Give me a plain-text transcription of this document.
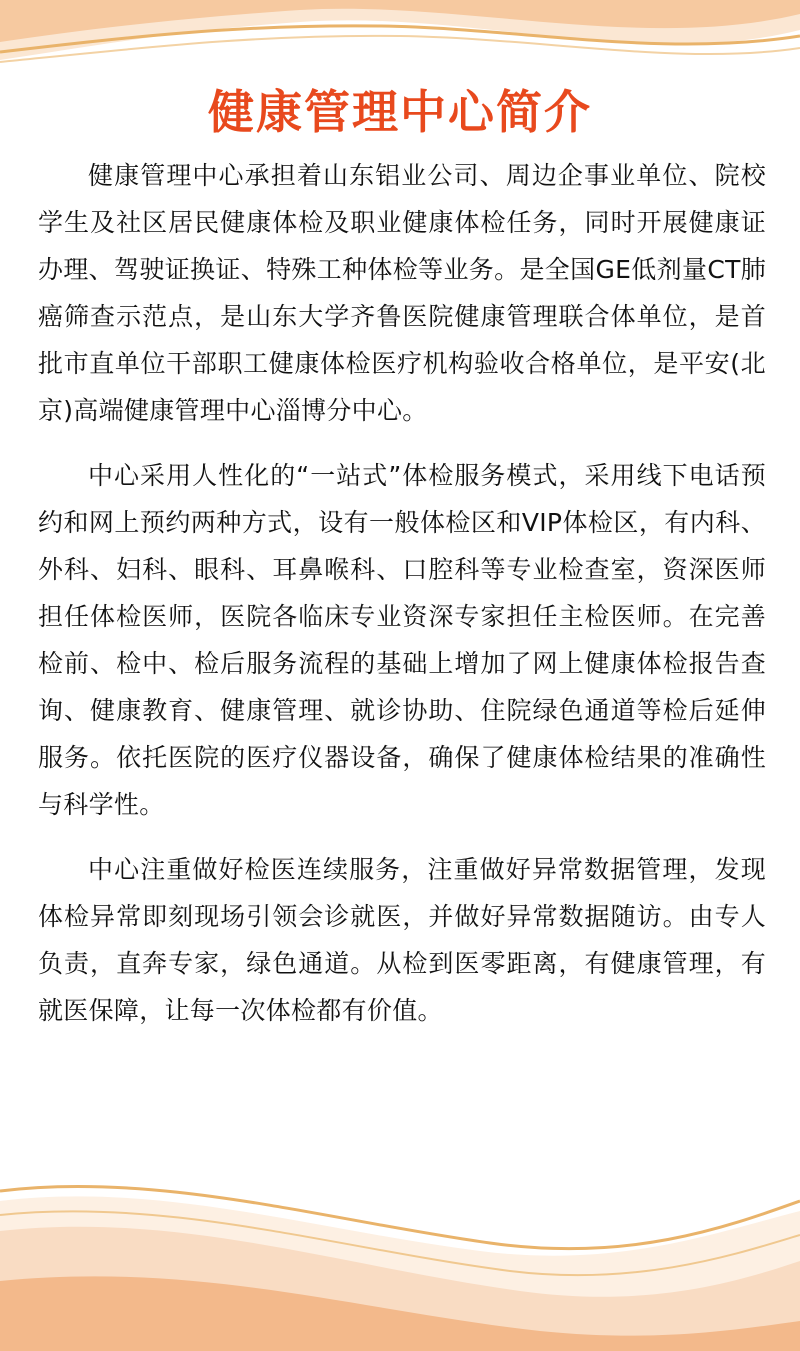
健康管理中心简介

健康管理中心承担着山东铝业公司、周边企事业单位、院校学生及社区居民健康体检及职业健康体检任务，同时开展健康证办理、驾驶证换证、特殊工种体检等业务。是全国GE低剂量CT肺癌筛查示范点，是山东大学齐鲁医院健康管理联合体单位，是首批市直单位干部职工健康体检医疗机构验收合格单位，是平安(北京)高端健康管理中心淄博分中心。

中心采用人性化的“一站式”体检服务模式，采用线下电话预约和网上预约两种方式，设有一般体检区和VIP体检区，有内科、外科、妇科、眼科、耳鼻喉科、口腔科等专业检查室，资深医师担任体检医师，医院各临床专业资深专家担任主检医师。在完善检前、检中、检后服务流程的基础上增加了网上健康体检报告查询、健康教育、健康管理、就诊协助、住院绿色通道等检后延伸服务。依托医院的医疗仪器设备，确保了健康体检结果的准确性与科学性。

中心注重做好检医连续服务，注重做好异常数据管理，发现体检异常即刻现场引领会诊就医，并做好异常数据随访。由专人负责，直奔专家，绿色通道。从检到医零距离，有健康管理，有就医保障，让每一次体检都有价值。
